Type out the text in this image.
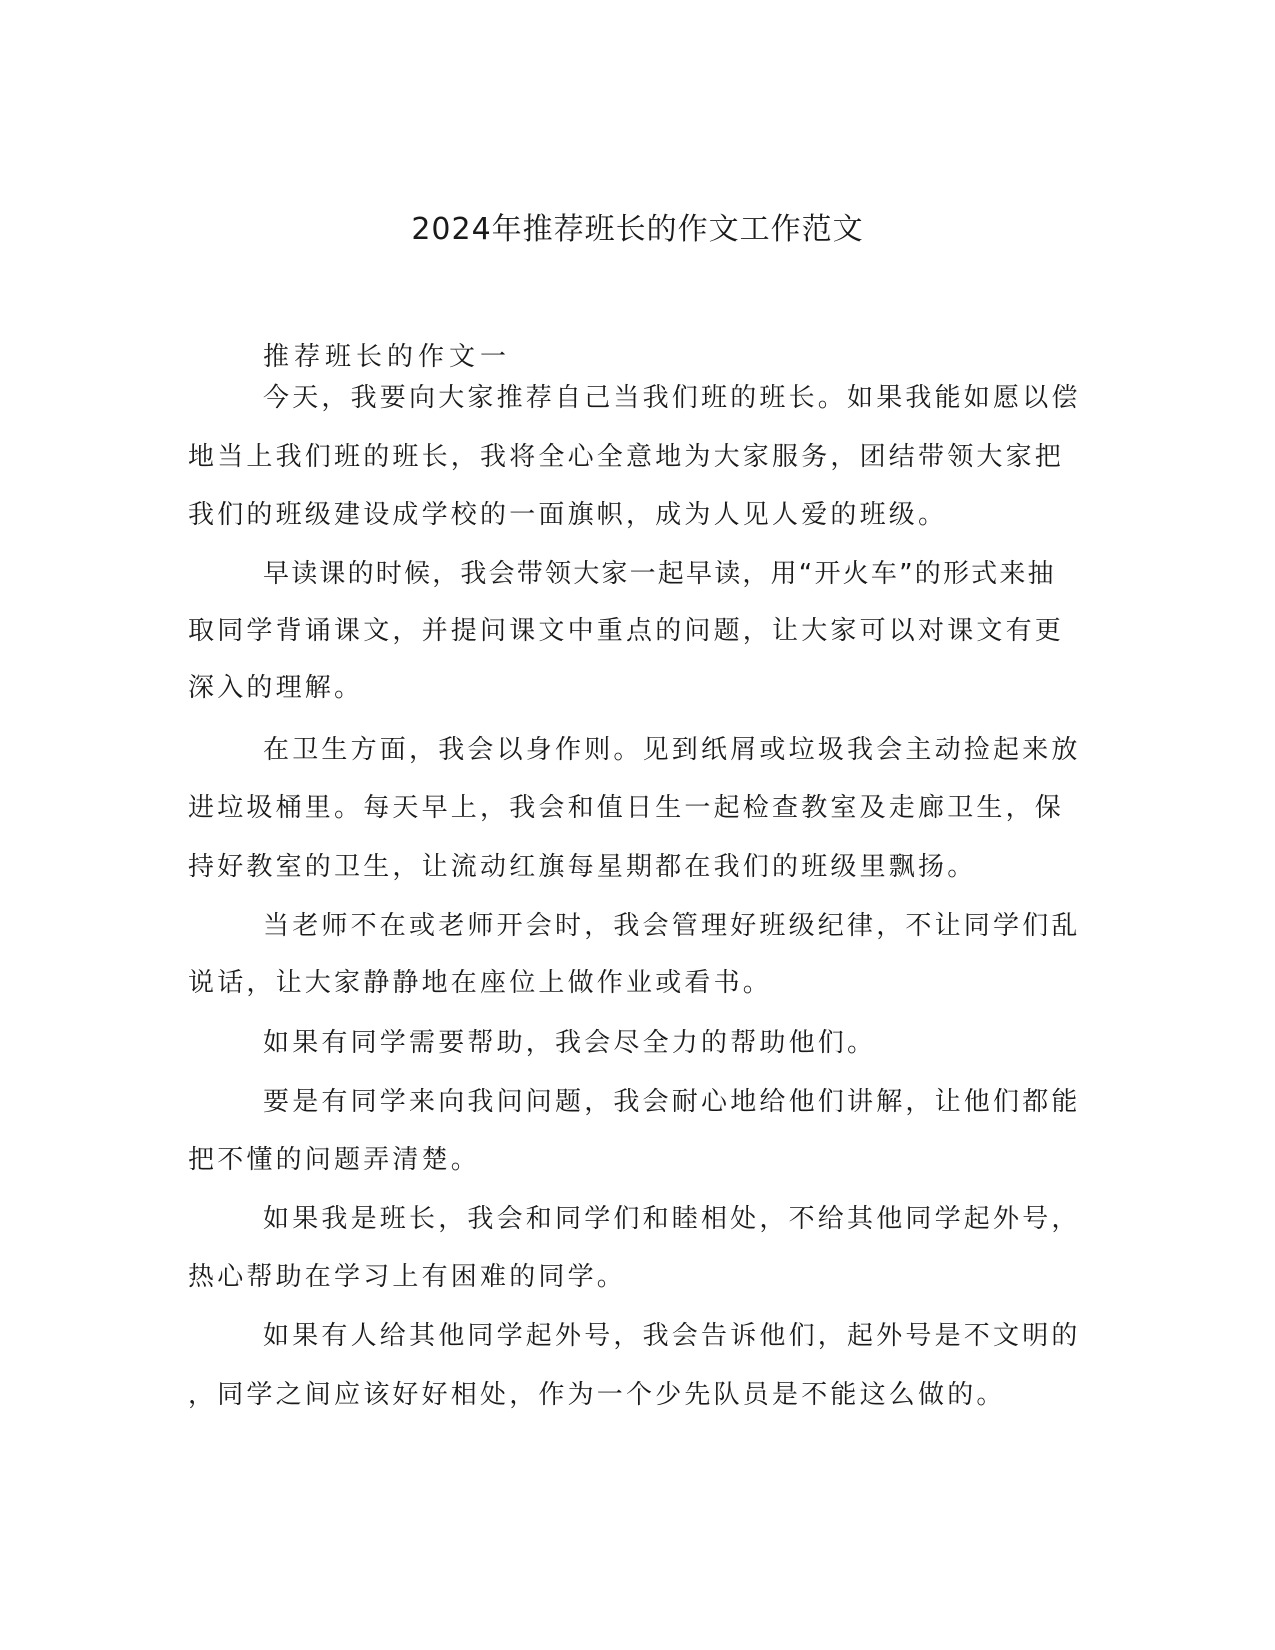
2024年推荐班长的作文工作范文

推荐班长的作文一

今天，我要向大家推荐自己当我们班的班长。如果我能如愿以偿

地当上我们班的班长，我将全心全意地为大家服务，团结带领大家把

我们的班级建设成学校的一面旗帜，成为人见人爱的班级。

早读课的时候，我会带领大家一起早读，用“开火车”的形式来抽

取同学背诵课文，并提问课文中重点的问题，让大家可以对课文有更

深入的理解。

在卫生方面，我会以身作则。见到纸屑或垃圾我会主动捡起来放

进垃圾桶里。每天早上，我会和值日生一起检查教室及走廊卫生，保

持好教室的卫生，让流动红旗每星期都在我们的班级里飘扬。

当老师不在或老师开会时，我会管理好班级纪律，不让同学们乱

说话，让大家静静地在座位上做作业或看书。

如果有同学需要帮助，我会尽全力的帮助他们。

要是有同学来向我问问题，我会耐心地给他们讲解，让他们都能

把不懂的问题弄清楚。

如果我是班长，我会和同学们和睦相处，不给其他同学起外号，

热心帮助在学习上有困难的同学。

如果有人给其他同学起外号，我会告诉他们，起外号是不文明的

，同学之间应该好好相处，作为一个少先队员是不能这么做的。
